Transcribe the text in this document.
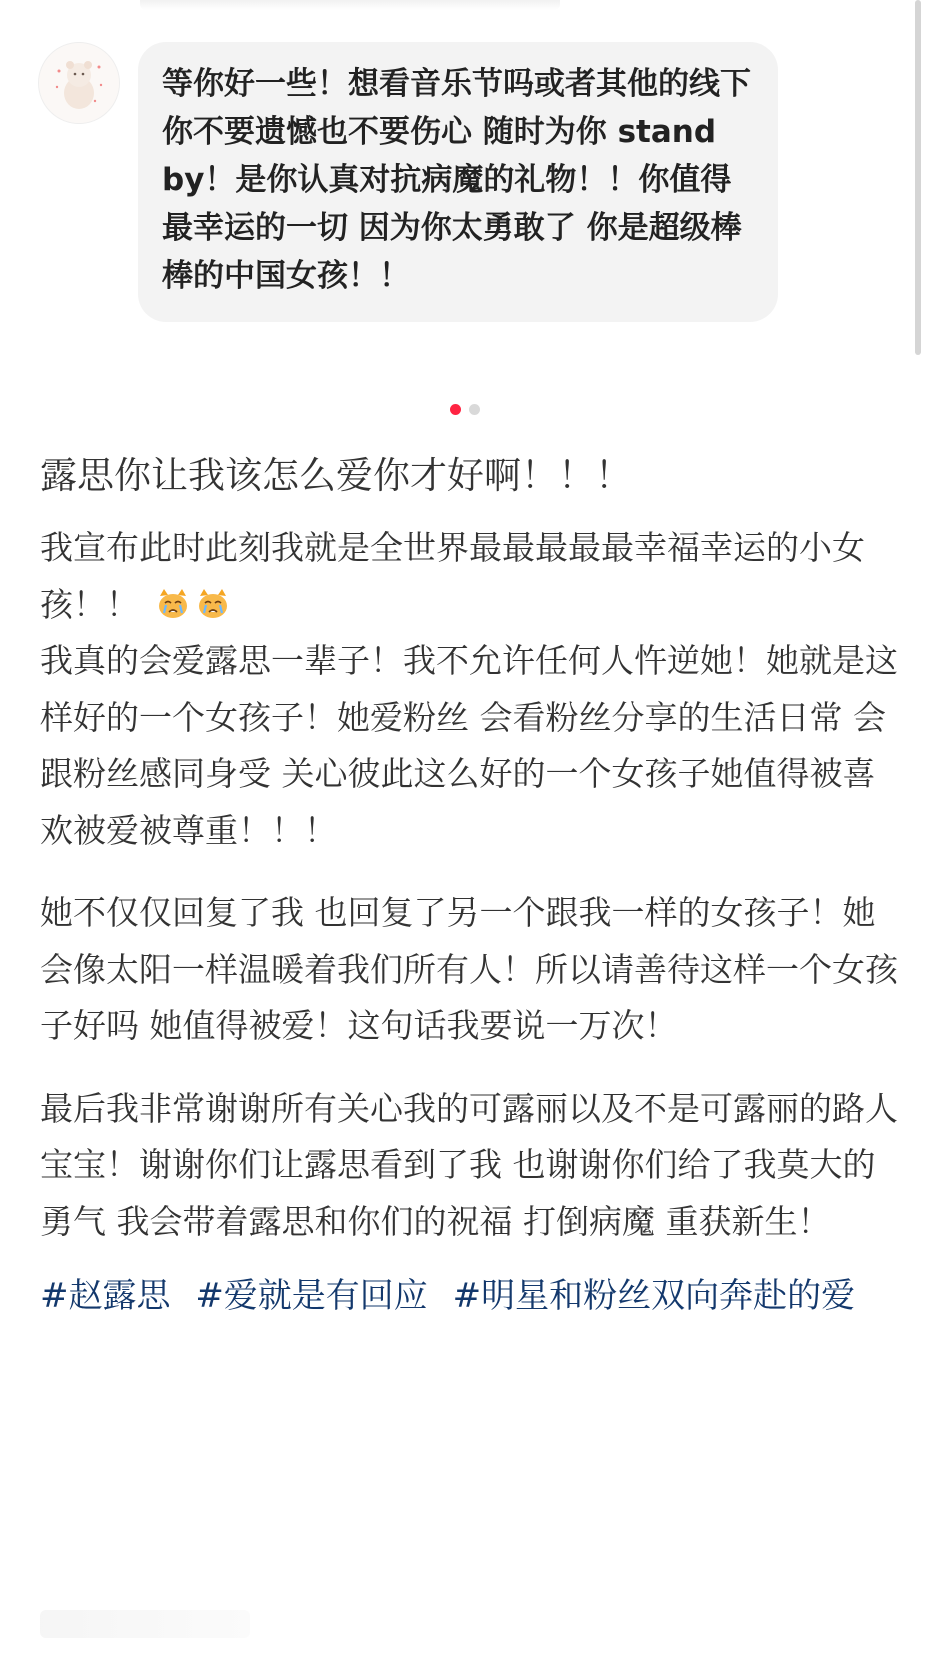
等你好一些！想看音乐节吗或者其他的线下 你不要遗憾也不要伤心 随时为你 stand by！是你认真对抗病魔的礼物！！你值得最幸运的一切 因为你太勇敢了 你是超级棒棒的中国女孩！！

露思你让我该怎么爱你才好啊！！！
我宣布此时此刻我就是全世界最最最最最幸福幸运的小女孩！！
我真的会爱露思一辈子！我不允许任何人忤逆她！她就是这样好的一个女孩子！她爱粉丝 会看粉丝分享的生活日常 会跟粉丝感同身受 关心彼此这么好的一个女孩子她值得被喜欢被爱被尊重！！！
她不仅仅回复了我 也回复了另一个跟我一样的女孩子！她会像太阳一样温暖着我们所有人！所以请善待这样一个女孩子好吗 她值得被爱！这句话我要说一万次！
最后我非常谢谢所有关心我的可露丽以及不是可露丽的路人宝宝！谢谢你们让露思看到了我 也谢谢你们给了我莫大的勇气 我会带着露思和你们的祝福 打倒病魔 重获新生！
#赵露思 #爱就是有回应 #明星和粉丝双向奔赴的爱
